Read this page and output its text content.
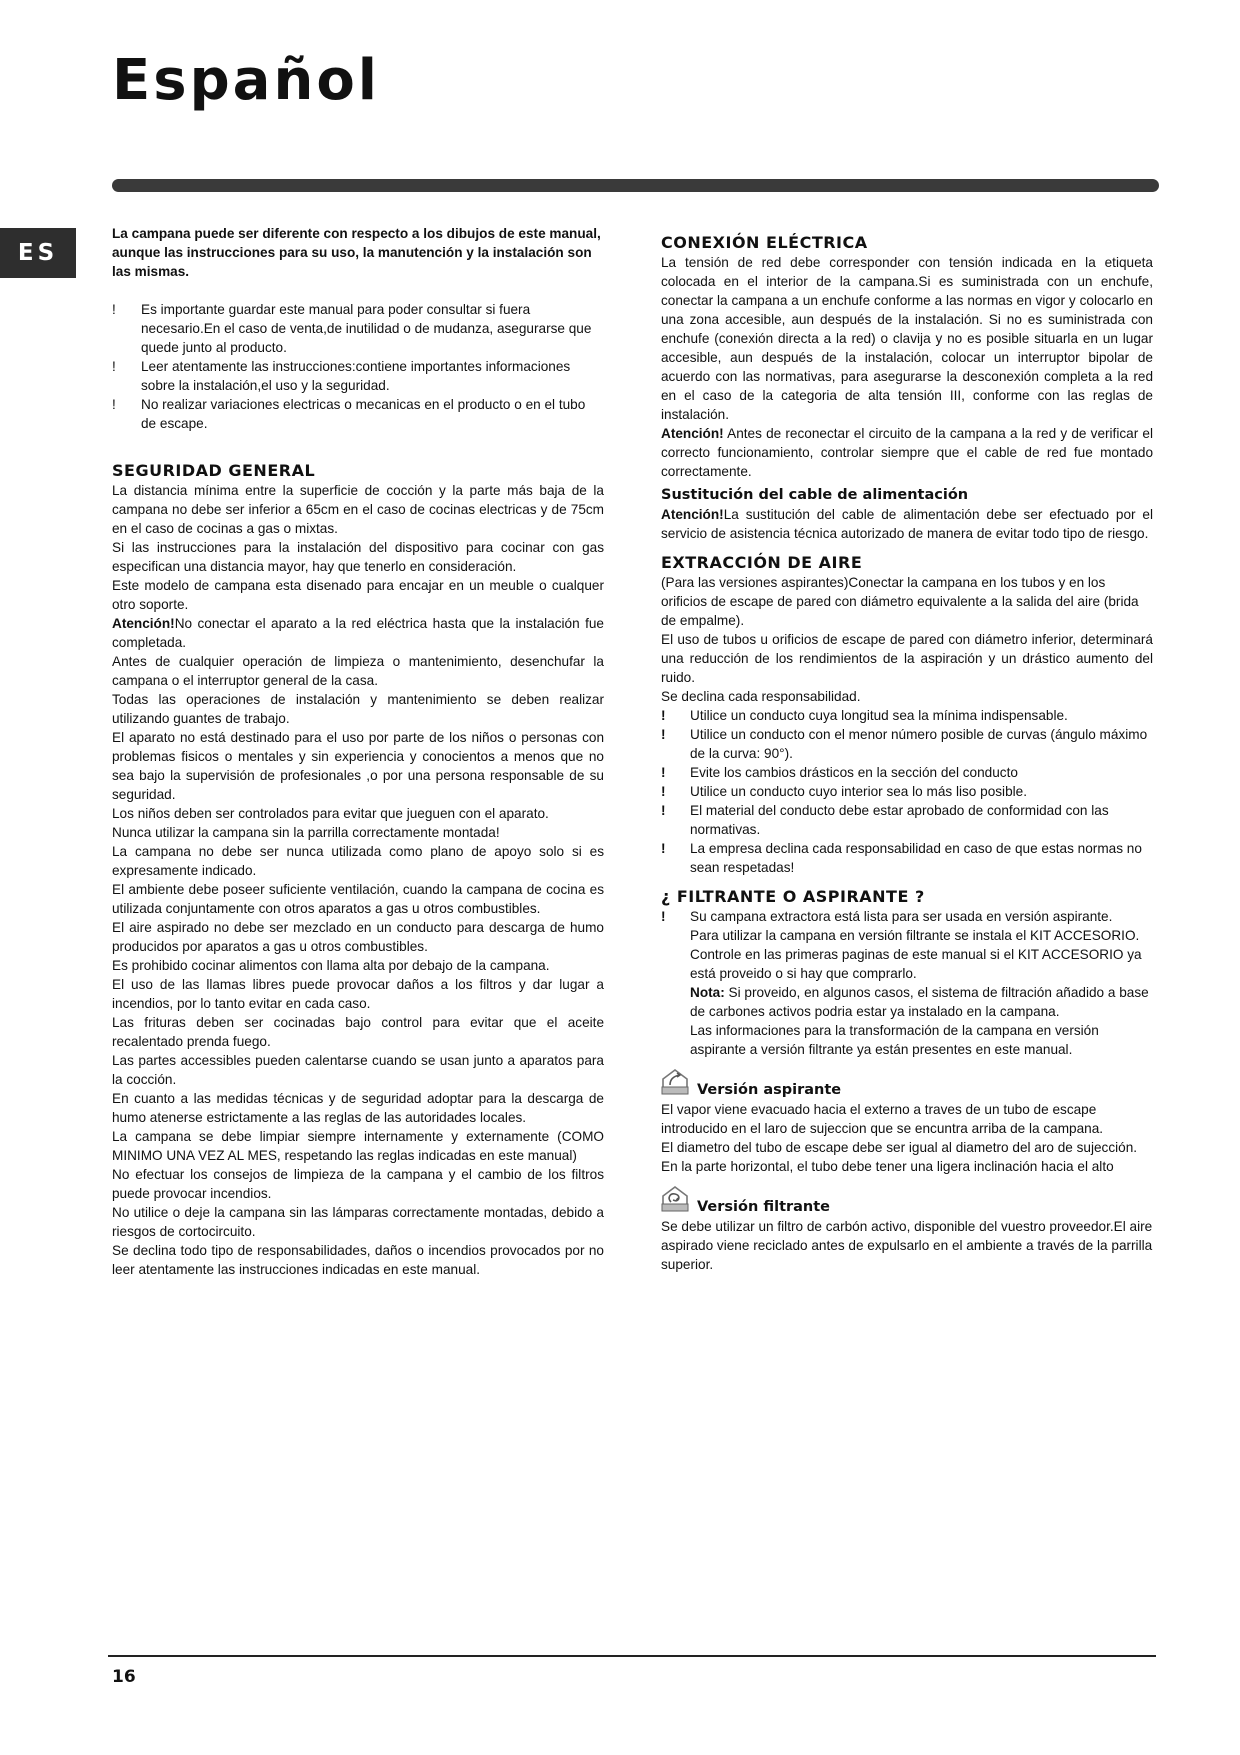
Español
ES

La campana puede ser diferente con respecto a los dibujos de este manual, aunque las instrucciones para su uso, la manutención y la instalación son las mismas.

!	Es importante guardar este manual para poder consultar si fuera necesario.En el caso de venta,de inutilidad o de mudanza, asegurarse que quede junto al producto.
!	Leer atentamente las instrucciones:contiene importantes informaciones sobre la instalación,el uso y la seguridad.
!	No realizar variaciones electricas o mecanicas en el producto o en el tubo de escape.
SEGURIDAD GENERAL

La distancia mínima entre la superficie de cocción y la parte más baja de la campana no debe ser inferior a 65cm en el caso de cocinas electricas y de 75cm en el caso de cocinas a gas o mixtas.

Si las instrucciones para la instalación del dispositivo para cocinar con gas especifican una distancia mayor, hay que tenerlo en consideración.

Este modelo de campana esta disenado para encajar en un meuble o cualquer otro soporte.

Atención!No conectar el aparato a la red eléctrica hasta que la instalación fue completada.

Antes de cualquier operación de limpieza o mantenimiento, desenchufar la campana o el interruptor general de la casa.

Todas las operaciones de instalación y mantenimiento se deben realizar utilizando guantes de trabajo.

El aparato no está destinado para el uso por parte de los niños o personas con problemas fisicos o mentales y sin experiencia y conocientos a menos que no sea bajo la supervisión de profesionales ,o por una persona responsable de su seguridad.

Los niños deben ser controlados para evitar que jueguen con el aparato.

Nunca utilizar la campana sin la parrilla correctamente montada!

La campana no debe ser nunca utilizada como plano de apoyo solo si es expresamente indicado.

El ambiente debe poseer suficiente ventilación, cuando la campana de cocina es utilizada conjuntamente con otros aparatos a gas u otros combustibles.

El aire aspirado no debe ser mezclado en un conducto para descarga de humo producidos por aparatos a gas u otros combustibles.

Es prohibido cocinar alimentos con llama alta por debajo de la campana.

El uso de las llamas libres puede provocar daños a los filtros y dar lugar a incendios, por lo tanto evitar en cada caso.

Las frituras deben ser cocinadas bajo control para evitar que el aceite recalentado prenda fuego.

Las partes accessibles pueden calentarse cuando se usan junto a aparatos para la cocción.

En cuanto a las medidas técnicas y de seguridad adoptar para la descarga de humo atenerse estrictamente a las reglas de las autoridades locales.

La campana se debe limpiar siempre internamente y externamente (COMO MINIMO UNA VEZ AL MES, respetando las reglas indicadas en este manual)

No efectuar los consejos de limpieza de la campana y el cambio de los filtros puede provocar incendios.

No utilice o deje la campana sin las lámparas correctamente montadas, debido a riesgos de cortocircuito.

Se declina todo tipo de responsabilidades, daños o incendios provocados por no leer atentamente las instrucciones indicadas en este manual.

CONEXIÓN ELÉCTRICA

La tensión de red debe corresponder con tensión indicada en la etiqueta colocada en el interior de la campana.Si es suministrada con un enchufe, conectar la campana a un enchufe conforme a las normas en vigor y colocarlo en una zona accesible, aun después de la instalación. Si no es suministrada con enchufe (conexión directa a la red) o clavija y no es posible situarla en un lugar accesible, aun después de la instalación, colocar un interruptor bipolar de acuerdo con las normativas, para asegurarse la desconexión completa a la red en el caso de la categoria de alta tensión III, conforme con las reglas de instalación.

Atención! Antes de reconectar el circuito de la campana a la red y de verificar el correcto funcionamiento, controlar siempre que el cable de red fue montado correctamente.

Sustitución del cable de alimentación

Atención!La sustitución del cable de alimentación debe ser efectuado por el servicio de asistencia técnica autorizado de manera de evitar todo tipo de riesgo.

EXTRACCIÓN DE AIRE

(Para las versiones aspirantes)Conectar la campana en los tubos y en los orificios de escape de pared con diámetro equivalente a la salida del aire (brida de empalme).

El uso de tubos u orificios de escape de pared con diámetro inferior, determinará una reducción de los rendimientos de la aspiración y un drástico aumento del ruido.

Se declina cada responsabilidad.

!	Utilice un conducto cuya longitud sea la mínima indispensable.
!	Utilice un conducto con el menor número posible de curvas (ángulo máximo de la curva: 90°).
!	Evite los cambios drásticos en la sección del conducto
!	Utilice un conducto cuyo interior sea lo más liso posible.
!	El material del conducto debe estar aprobado de conformidad con las normativas.
!	La empresa declina cada responsabilidad en caso de que estas normas no sean respetadas!
¿ FILTRANTE O ASPIRANTE ?
!	Su campana extractora está lista para ser usada en versión aspirante.
Para utilizar la campana en versión filtrante se instala el KIT ACCESORIO. Controle en las primeras paginas de este manual si el KIT ACCESORIO ya está proveido o si hay que comprarlo.
Nota: Si proveido, en algunos casos, el sistema de filtración añadido a base de carbones activos podria estar ya instalado en la campana.
Las informaciones para la transformación de la campana en versión aspirante a versión filtrante ya están presentes en este manual.
Versión aspirante

El vapor viene evacuado hacia el externo a traves de un tubo de escape introducido en el laro de sujeccion que se encuntra arriba de la campana.

El diametro del tubo de escape debe ser igual al diametro del aro de sujección.

En la parte horizontal, el tubo debe tener una ligera inclinación hacia el alto

Versión filtrante

Se debe utilizar un filtro de carbón activo, disponible del vuestro proveedor.El aire aspirado viene reciclado antes de expulsarlo en el ambiente a través de la parrilla superior.

16
